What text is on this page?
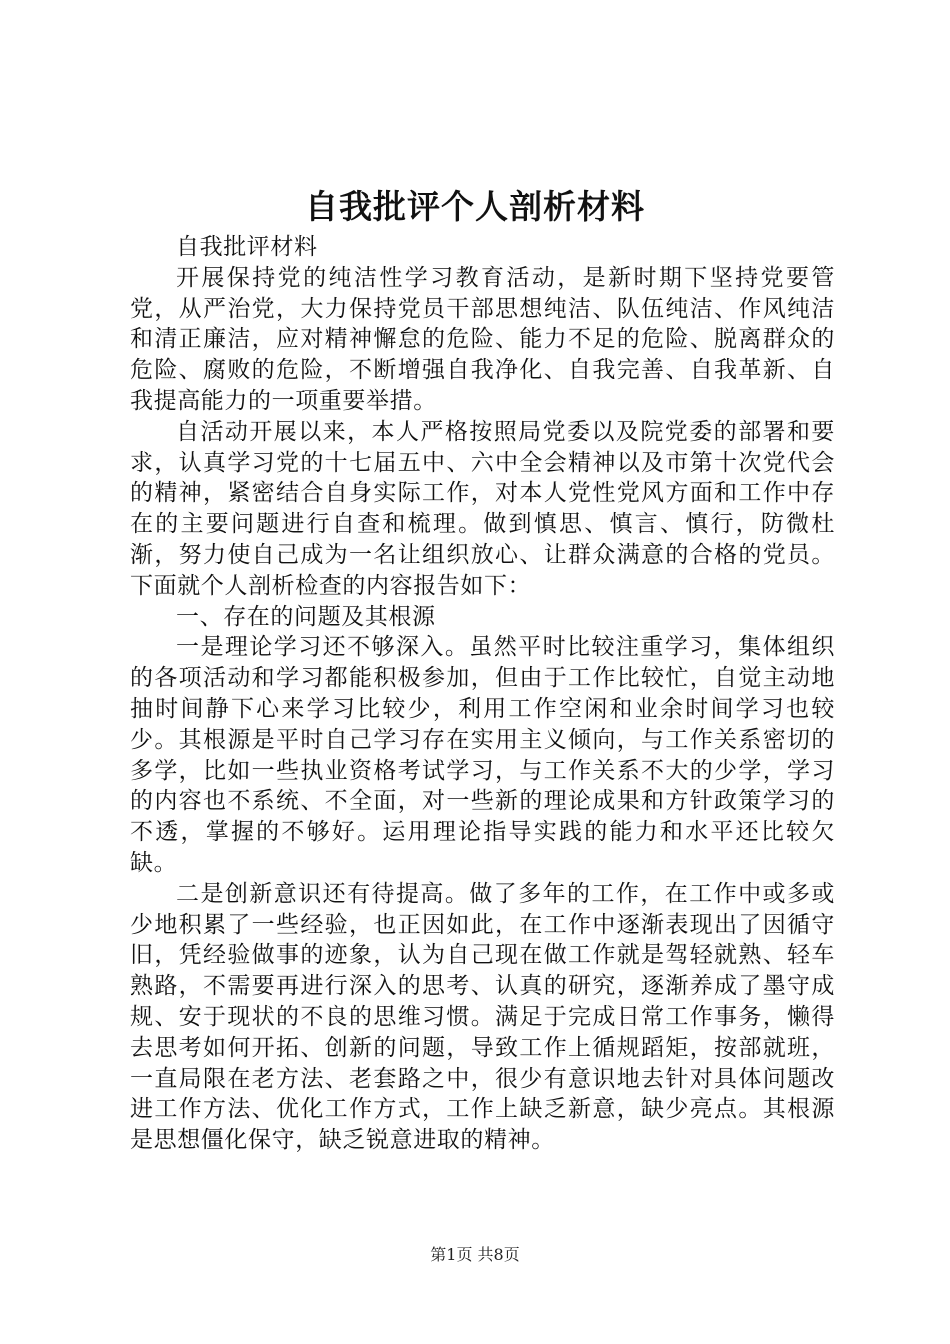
自我批评个人剖析材料

自我批评材料

开展保持党的纯洁性学习教育活动，是新时期下坚持党要管党，从严治党，大力保持党员干部思想纯洁、队伍纯洁、作风纯洁和清正廉洁，应对精神懈怠的危险、能力不足的危险、脱离群众的危险、腐败的危险，不断增强自我净化、自我完善、自我革新、自我提高能力的一项重要举措。

自活动开展以来，本人严格按照局党委以及院党委的部署和要求，认真学习党的十七届五中、六中全会精神以及市第十次党代会的精神，紧密结合自身实际工作，对本人党性党风方面和工作中存在的主要问题进行自查和梳理。做到慎思、慎言、慎行，防微杜渐，努力使自己成为一名让组织放心、让群众满意的合格的党员。下面就个人剖析检查的内容报告如下：

一、存在的问题及其根源

一是理论学习还不够深入。虽然平时比较注重学习，集体组织的各项活动和学习都能积极参加，但由于工作比较忙，自觉主动地抽时间静下心来学习比较少，利用工作空闲和业余时间学习也较少。其根源是平时自己学习存在实用主义倾向，与工作关系密切的多学，比如一些执业资格考试学习，与工作关系不大的少学，学习的内容也不系统、不全面，对一些新的理论成果和方针政策学习的不透，掌握的不够好。运用理论指导实践的能力和水平还比较欠缺。

二是创新意识还有待提高。做了多年的工作，在工作中或多或少地积累了一些经验，也正因如此，在工作中逐渐表现出了因循守旧，凭经验做事的迹象，认为自己现在做工作就是驾轻就熟、轻车熟路，不需要再进行深入的思考、认真的研究，逐渐养成了墨守成规、安于现状的不良的思维习惯。满足于完成日常工作事务，懒得去思考如何开拓、创新的问题，导致工作上循规蹈矩，按部就班，一直局限在老方法、老套路之中，很少有意识地去针对具体问题改进工作方法、优化工作方式，工作上缺乏新意，缺少亮点。其根源是思想僵化保守，缺乏锐意进取的精神。

第1页 共8页
